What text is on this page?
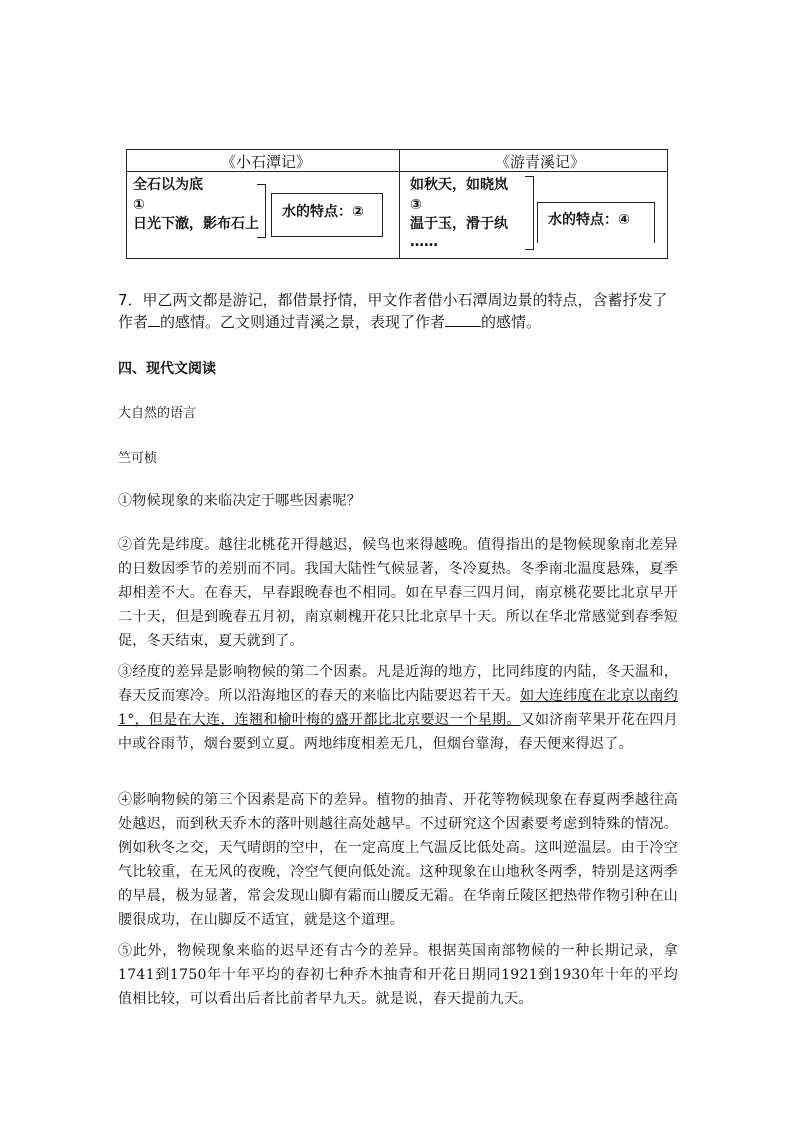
《小石潭记》	《游青溪记》
全石以为底
①
日光下澈，影布石上
水的特点：②
如秋天，如晓岚
③
温于玉，滑于纨
……
水的特点：④
7．甲乙两文都是游记，都借景抒情，甲文作者借小石潭周边景的特点，含蓄抒发了作者 的感情。乙文则通过青溪之景，表现了作者 的感情。
四、现代文阅读
大自然的语言
竺可桢

①物候现象的来临决定于哪些因素呢？

②首先是纬度。越往北桃花开得越迟，候鸟也来得越晚。值得指出的是物候现象南北差异的日数因季节的差别而不同。我国大陆性气候显著，冬冷夏热。冬季南北温度悬殊，夏季却相差不大。在春天，早春跟晚春也不相同。如在早春三四月间，南京桃花要比北京早开二十天，但是到晚春五月初，南京刺槐开花只比北京早十天。所以在华北常感觉到春季短促，冬天结束，夏天就到了。

③经度的差异是影响物候的第二个因素。凡是近海的地方，比同纬度的内陆，冬天温和，春天反而寒冷。所以沿海地区的春天的来临比内陆要迟若干天。如大连纬度在北京以南约1°，但是在大连，连翘和榆叶梅的盛开都比北京要迟一个星期。又如济南苹果开花在四月中或谷雨节，烟台要到立夏。两地纬度相差无几，但烟台靠海，春天便来得迟了。

④影响物候的第三个因素是高下的差异。植物的抽青、开花等物候现象在春夏两季越往高处越迟，而到秋天乔木的落叶则越往高处越早。不过研究这个因素要考虑到特殊的情况。例如秋冬之交，天气晴朗的空中，在一定高度上气温反比低处高。这叫逆温层。由于冷空气比较重，在无风的夜晚，冷空气便向低处流。这种现象在山地秋冬两季，特别是这两季的早晨，极为显著，常会发现山脚有霜而山腰反无霜。在华南丘陵区把热带作物引种在山腰很成功，在山脚反不适宜，就是这个道理。

⑤此外，物候现象来临的迟早还有古今的差异。根据英国南部物候的一种长期记录，拿1741到1750年十年平均的春初七种乔木抽青和开花日期同1921到1930年十年的平均值相比较，可以看出后者比前者早九天。就是说，春天提前九天。
